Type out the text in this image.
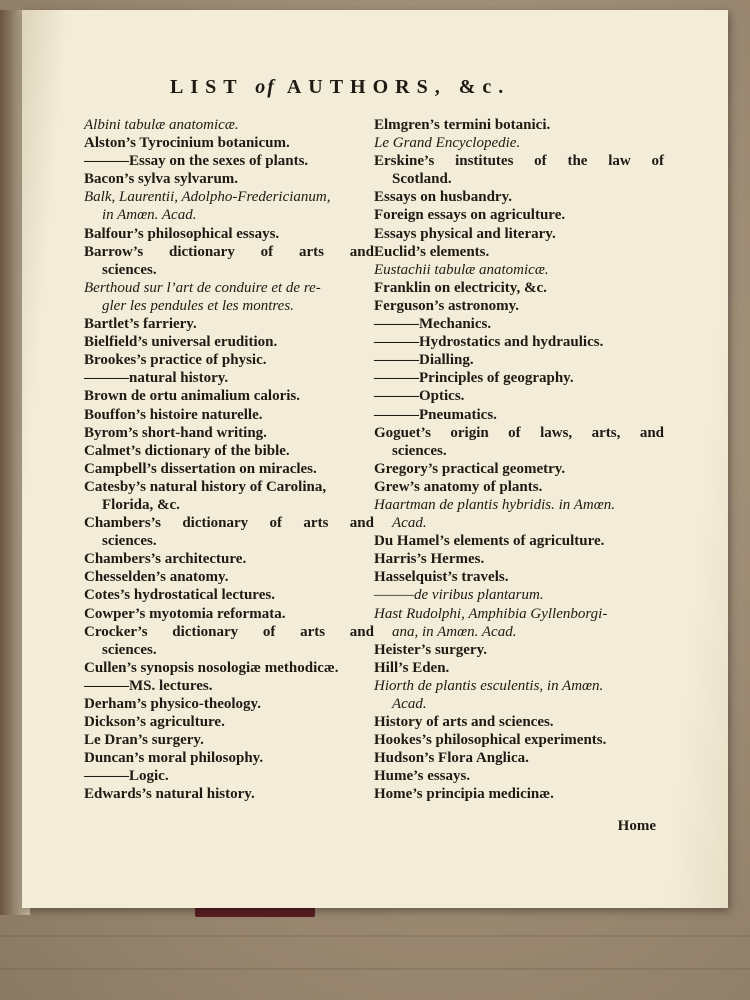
LIST of AUTHORS, &c.
Albini tabulæ anatomicæ.
Alston’s Tyrocinium botanicum.
———Essay on the sexes of plants.
Bacon’s sylva sylvarum.
Balk, Laurentii, Adolpho-Fredericianum,
in Amœn. Acad.
Balfour’s philosophical essays.
Barrow’s dictionary of arts and
sciences.
Berthoud sur l’art de conduire et de re-
gler les pendules et les montres.
Bartlet’s farriery.
Bielfield’s universal erudition.
Brookes’s practice of physic.
———natural history.
Brown de ortu animalium caloris.
Bouffon’s histoire naturelle.
Byrom’s short-hand writing.
Calmet’s dictionary of the bible.
Campbell’s dissertation on miracles.
Catesby’s natural history of Carolina,
Florida, &c.
Chambers’s dictionary of arts and
sciences.
Chambers’s architecture.
Chesselden’s anatomy.
Cotes’s hydrostatical lectures.
Cowper’s myotomia reformata.
Crocker’s dictionary of arts and
sciences.
Cullen’s synopsis nosologiæ methodicæ.
———MS. lectures.
Derham’s physico-theology.
Dickson’s agriculture.
Le Dran’s surgery.
Duncan’s moral philosophy.
———Logic.
Edwards’s natural history.
Elmgren’s termini botanici.
Le Grand Encyclopedie.
Erskine’s institutes of the law of
Scotland.
Essays on husbandry.
Foreign essays on agriculture.
Essays physical and literary.
Euclid’s elements.
Eustachii tabulæ anatomicæ.
Franklin on electricity, &c.
Ferguson’s astronomy.
———Mechanics.
———Hydrostatics and hydraulics.
———Dialling.
———Principles of geography.
———Optics.
———Pneumatics.
Goguet’s origin of laws, arts, and
sciences.
Gregory’s practical geometry.
Grew’s anatomy of plants.
Haartman de plantis hybridis. in Amœn.
Acad.
Du Hamel’s elements of agriculture.
Harris’s Hermes.
Hasselquist’s travels.
———de viribus plantarum.
Hast Rudolphi, Amphibia Gyllenborgi-
ana, in Amœn. Acad.
Heister’s surgery.
Hill’s Eden.
Hiorth de plantis esculentis, in Amœn.
Acad.
History of arts and sciences.
Hookes’s philosophical experiments.
Hudson’s Flora Anglica.
Hume’s essays.
Home’s principia medicinæ.
Home
